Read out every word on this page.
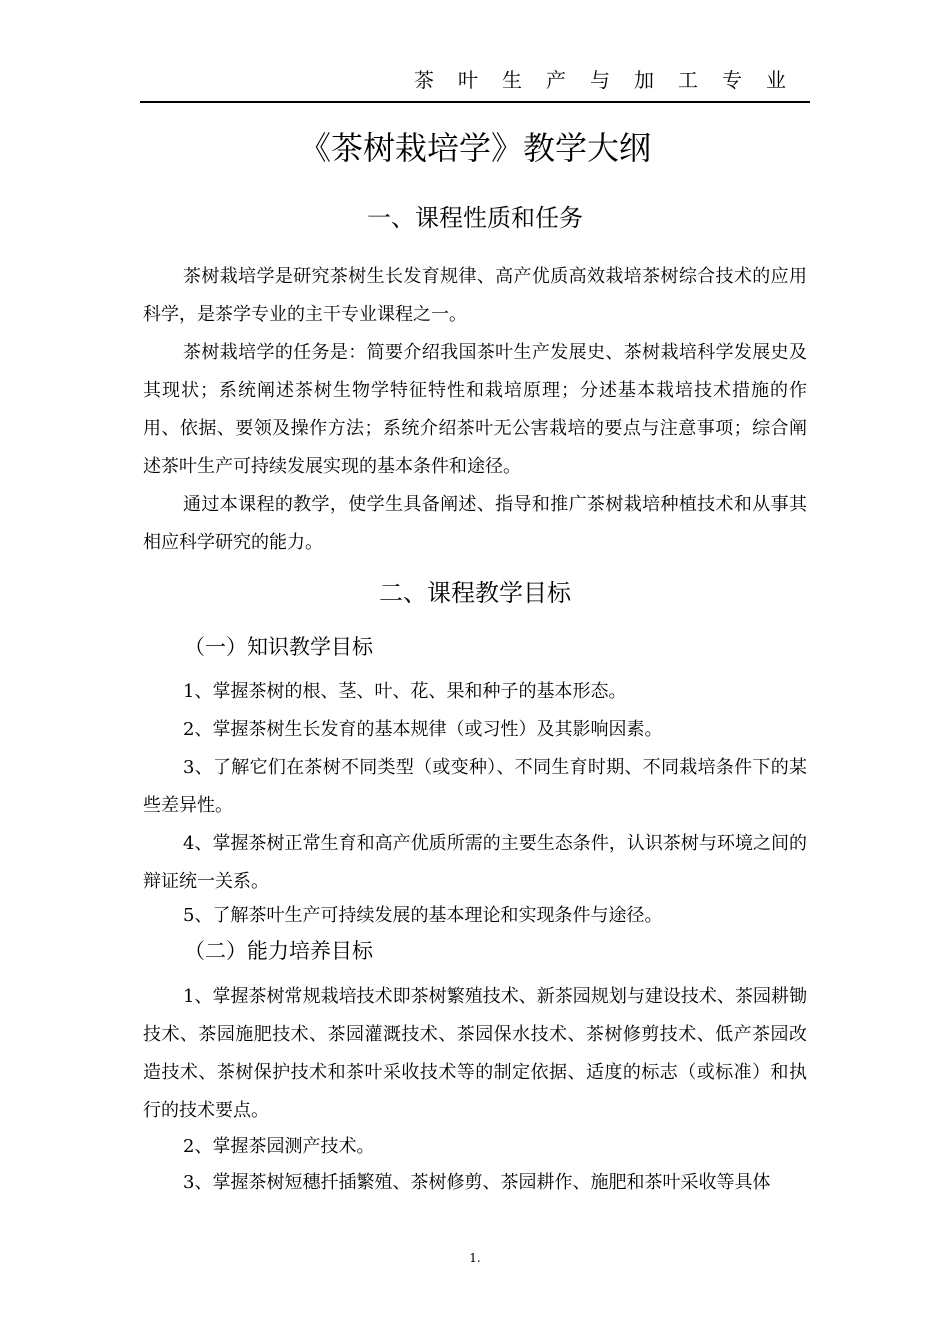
茶叶生产与加工专业
《茶树栽培学》教学大纲
一、课程性质和任务

茶树栽培学是研究茶树生长发育规律、高产优质高效栽培茶树综合技术的应用科学，是茶学专业的主干专业课程之一。

茶树栽培学的任务是：简要介绍我国茶叶生产发展史、茶树栽培科学发展史及其现状；系统阐述茶树生物学特征特性和栽培原理；分述基本栽培技术措施的作用、依据、要领及操作方法；系统介绍茶叶无公害栽培的要点与注意事项；综合阐述茶叶生产可持续发展实现的基本条件和途径。

通过本课程的教学，使学生具备阐述、指导和推广茶树栽培种植技术和从事其相应科学研究的能力。

二、课程教学目标
（一）知识教学目标

1、掌握茶树的根、茎、叶、花、果和种子的基本形态。

2、掌握茶树生长发育的基本规律（或习性）及其影响因素。

3、了解它们在茶树不同类型（或变种）、不同生育时期、不同栽培条件下的某些差异性。

4、掌握茶树正常生育和高产优质所需的主要生态条件，认识茶树与环境之间的辩证统一关系。

5、了解茶叶生产可持续发展的基本理论和实现条件与途径。

（二）能力培养目标

1、掌握茶树常规栽培技术即茶树繁殖技术、新茶园规划与建设技术、茶园耕锄技术、茶园施肥技术、茶园灌溉技术、茶园保水技术、茶树修剪技术、低产茶园改造技术、茶树保护技术和茶叶采收技术等的制定依据、适度的标志（或标准）和执行的技术要点。

2、掌握茶园测产技术。

3、掌握茶树短穗扦插繁殖、茶树修剪、茶园耕作、施肥和茶叶采收等具体

1.
